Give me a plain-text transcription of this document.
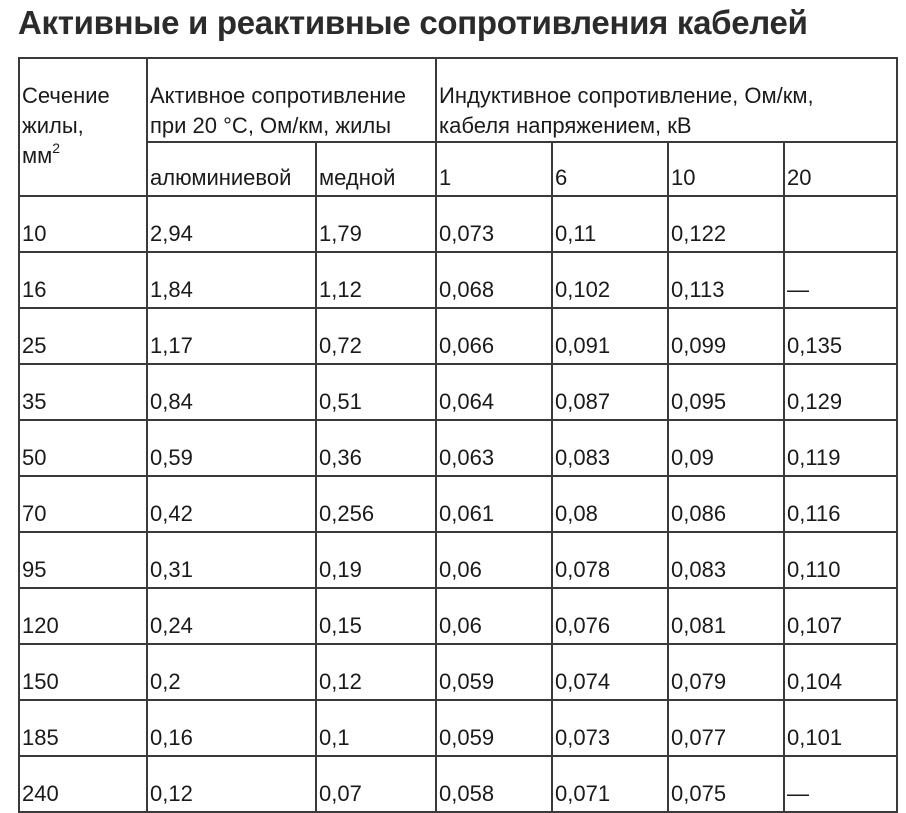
Активные и реактивные сопротивления кабелей
Сечение
жилы,
$мм^2$	Активное сопротивление
при 20 °С, Ом/км, жилы		Индуктивное сопротивление, Ом/км,
кабеля напряжением, кВ			

	алюминиевой	медной	1	6	10	20
10	2,94	1,79	0,073	0,11	0,122	
16	1,84	1,12	0,068	0,102	0,113	—
25	1,17	0,72	0,066	0,091	0,099	0,135
35	0,84	0,51	0,064	0,087	0,095	0,129
50	0,59	0,36	0,063	0,083	0,09	0,119
70	0,42	0,256	0,061	0,08	0,086	0,116
95	0,31	0,19	0,06	0,078	0,083	0,110
120	0,24	0,15	0,06	0,076	0,081	0,107
150	0,2	0,12	0,059	0,074	0,079	0,104
185	0,16	0,1	0,059	0,073	0,077	0,101
240	0,12	0,07	0,058	0,071	0,075	—
